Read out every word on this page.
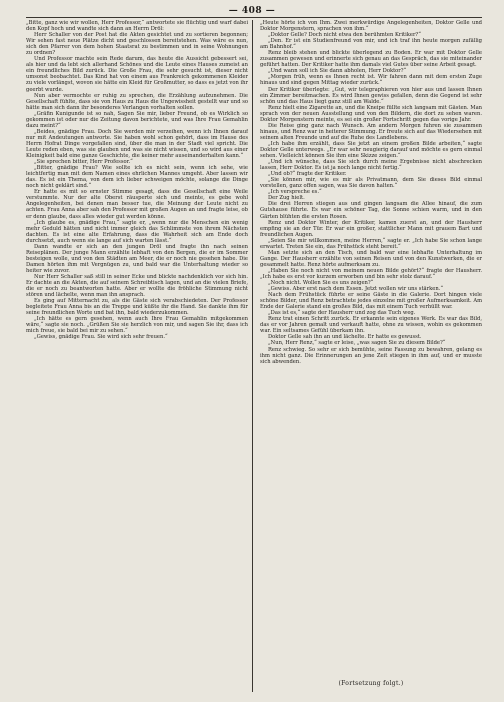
— 408 —

„Bitte, ganz wie wir wollen, Herr Professor,“ antwortete sie flüchtig und warf dabei den Kopf hoch und wandte sich dann an Herrn Dröl:

Herr Schaller von der Post hat die Akten gesichtet und zu sortieren begonnen; Wir sehen fast neue Plätze dicht und geschlossen bereitstehen. Was wäre es nun, sich den Pfarrer von dem hohen Staatsrat zu bestimmen und in seine Wohnungen zu ordnen?

Und Professor machte sein Rede darum, das heute die Aussicht gebessert sei, als hier und da lebt sich allerhand Schönes und die Leute eines Hauses zumeist an ein freundliches Bild zurück. Die Große Frau, die sehr gesucht ist, dieser nicht umsonst beobachtet. Das Kind hat von einem aus Frankreich gekommenen Kleider zu viele vorlängst, wovon sie hätte ein Kleid für Großmutter, so dass es jetzt von ihr geerbt wurde.

Nun aber vermochte er ruhig zu sprechen, die Erzählung aufzunehmen. Die Gesellschaft fühlte, dass sie von Haus zu Haus die Ungewissheit gestellt war und so hätte man sich dann ihr besonderes Verlangen vorhalten sollen.

„Gräfin Kunigunde ist so nah, Sagen Sie mir, lieber Freund, ob es Wirklich so gekommen ist oder nur die Zeitung davon berichtete, und was Ihre Frau Gemahlin dazu meint?“

„Beides, gnädige Frau. Doch Sie werden mir verzeihen, wenn ich Ihnen darauf nur mit Andeutungen antworte. Sie haben wohl schon gehört, dass im Hause des Herrn Hofrat Dinge vorgefallen sind, über die man in der Stadt viel spricht. Die Leute reden eben, was sie glauben und was sie nicht wissen, und so wird aus einer Kleinigkeit bald eine ganze Geschichte, die keiner mehr auseinanderhalten kann.“

„Sie sprechen bitter, Herr Professor.“

„Bitter, gnädige Frau? Wie sollte ich es nicht sein, wenn ich sehe, wie leichtfertig man mit dem Namen eines ehrlichen Mannes umgeht. Aber lassen wir das. Es ist ein Thema, von dem ich lieber schweigen möchte, solange die Dinge noch nicht geklärt sind.“

Er hatte es mit so ernster Stimme gesagt, dass die Gesellschaft eine Weile verstummte. Nur der alte Oberst räusperte sich und meinte, es gebe wohl Angelegenheiten, bei denen man besser tue, die Meinung der Leute nicht zu achten. Frau Anna aber sah den Professor mit großen Augen an und fragte leise, ob er denn glaube, dass alles wieder gut werden könne.

„Ich glaube es, gnädige Frau,“ sagte er, „wenn nur die Menschen ein wenig mehr Geduld hätten und nicht immer gleich das Schlimmste von ihrem Nächsten dachten. Es ist eine alte Erfahrung, dass die Wahrheit sich am Ende doch durchsetzt, auch wenn sie lange auf sich warten lässt.“

Dann wandte er sich an den jungen Dröl und fragte ihn nach seinen Reiseplänen. Der junge Mann erzählte lebhaft von den Bergen, die er im Sommer besteigen wolle, und von den Städten am Meer, die er noch nie gesehen habe. Die Damen hörten ihm mit Vergnügen zu, und bald war die Unterhaltung wieder so heiter wie zuvor.

Nur Herr Schaller saß still in seiner Ecke und blickte nachdenklich vor sich hin. Er dachte an die Akten, die auf seinem Schreibtisch lagen, und an die vielen Briefe, die er noch zu beantworten hatte. Aber er wollte die fröhliche Stimmung nicht stören und lächelte, wenn man ihn ansprach.

Es ging auf Mitternacht zu, als die Gäste sich verabschiedeten. Der Professor begleitete Frau Anna bis an die Treppe und küßte ihr die Hand. Sie dankte ihm für seine freundlichen Worte und bat ihn, bald wiederzukommen.

„Ich hätte es gern gesehen, wenn auch Ihre Frau Gemahlin mitgekommen wäre,“ sagte sie noch. „Grüßen Sie sie herzlich von mir, und sagen Sie ihr, dass ich mich freue, sie bald bei mir zu sehen.“

„Gewiss, gnädige Frau. Sie wird sich sehr freuen.“

„Heute hörte ich von Ihm. Zwei merkwürdige Angelegenheiten, Doktor Gelle und Doktor Morgenstern, sprachen von ihm.“

„Doktor Gelle? Doch nicht etwa den berühmten Kritiker?“

„Den. Er ist ein Studienfreund von mir, und ich traf ihn heute morgen zufällig am Bahnhof.“

Renz bleib stehen und blickte überlegend zu Boden. Er war mit Doktor Gelle zusammen gewesen und erinnerte sich genau an das Gespräch, das sie miteinander geführt hatten. Der Kritiker hatte ihm damals viel Gutes über seine Arbeit gesagt.

„Und wann soll ich Sie dann abholen, Herr Doktor?“

„Morgen früh, wenn es Ihnen recht ist. Wir fahren dann mit dem ersten Zuge hinaus und sind gegen Mittag wieder zurück.“

Der Kritiker überlegte: „Gut, wir telegraphieren von hier aus und lassen Ihnen ein Zimmer bereitmachen. Es wird Ihnen gewiss gefallen, denn die Gegend ist sehr schön und das Haus liegt ganz still am Walde.“

Renz hielt eine Zigarette an, und die Kneipe füllte sich langsam mit Gästen. Man sprach von der neuen Ausstellung und von den Bildern, die dort zu sehen waren. Doktor Morgenstern meinte, es sei ein großer Fortschritt gegen das vorige Jahr.

Die Reise ging ganz nach Wunsch. Am andern Morgen fuhren sie zusammen hinaus, und Renz war in heiterer Stimmung. Er freute sich auf das Wiedersehen mit seinem alten Freunde und auf die Ruhe des Landlebens.

„Ich habe ihm erzählt, dass Sie jetzt an einem großen Bilde arbeiten,“ sagte Doktor Gelle unterwegs. „Er war sehr neugierig darauf und möchte es gern einmal sehen. Vielleicht können Sie ihm eine Skizze zeigen.“

„Und ich wünsche, dass Sie sich durch meine Ergebnisse nicht abschrecken lassen, Herr Doktor. Es ist ja noch lange nicht fertig.“

„Und ob?“ fragte der Kritiker.

„Sie können mir, wie es mir als Privatmann, dem Sie dieses Bild einmal vorstellen, ganz offen sagen, was Sie davon halten.“

„Ich verspreche es.“

Der Zug hielt.

Die drei Herren stiegen aus und gingen langsam die Allee hinauf, die zum Gutshause führte. Es war ein schöner Tag, die Sonne schien warm, und in den Gärten blühten die ersten Rosen.

Renz und Doktor Winter, der Kritiker, kamen zuerst an, und der Hausherr empfing sie an der Tür. Er war ein großer, stattlicher Mann mit grauem Bart und freundlichen Augen.

„Seien Sie mir willkommen, meine Herren,“ sagte er. „Ich habe Sie schon lange erwartet. Treten Sie ein, das Frühstück steht bereit.“

Man setzte sich an den Tisch, und bald war eine lebhafte Unterhaltung im Gange. Der Hausherr erzählte von seinen Reisen und von den Kunstwerken, die er gesammelt hatte. Renz hörte aufmerksam zu.

„Haben Sie noch nicht von meinem neuen Bilde gehört?“ fragte der Hausherr. „Ich habe es erst vor kurzem erworben und bin sehr stolz darauf.“

„Noch nicht. Wollen Sie es uns zeigen?“

„Gewiss. Aber erst nach dem Essen. Jetzt wollen wir uns stärken.“

Nach dem Frühstück führte er seine Gäste in die Galerie. Dort hingen viele schöne Bilder, und Renz betrachtete jedes einzelne mit großer Aufmerksamkeit. Am Ende der Galerie stand ein großes Bild, das mit einem Tuch verhüllt war.

„Das ist es,“ sagte der Hausherr und zog das Tuch weg.

Renz trat einen Schritt zurück. Er erkannte sein eigenes Werk. Es war das Bild, das er vor Jahren gemalt und verkauft hatte, ohne zu wissen, wohin es gekommen war. Ein seltsames Gefühl überkam ihn.

Doktor Gelle sah ihn an und lächelte. Er hatte es gewusst.

„Nun, Herr Renz,“ sagte er leise, „was sagen Sie zu diesem Bilde?“

Renz schwieg. So sehr er sich bemühte, seine Fassung zu bewahren, gelang es ihm nicht ganz. Die Erinnerungen an jene Zeit stiegen in ihm auf, und er musste sich abwenden.

(Fortsetzung folgt.)
